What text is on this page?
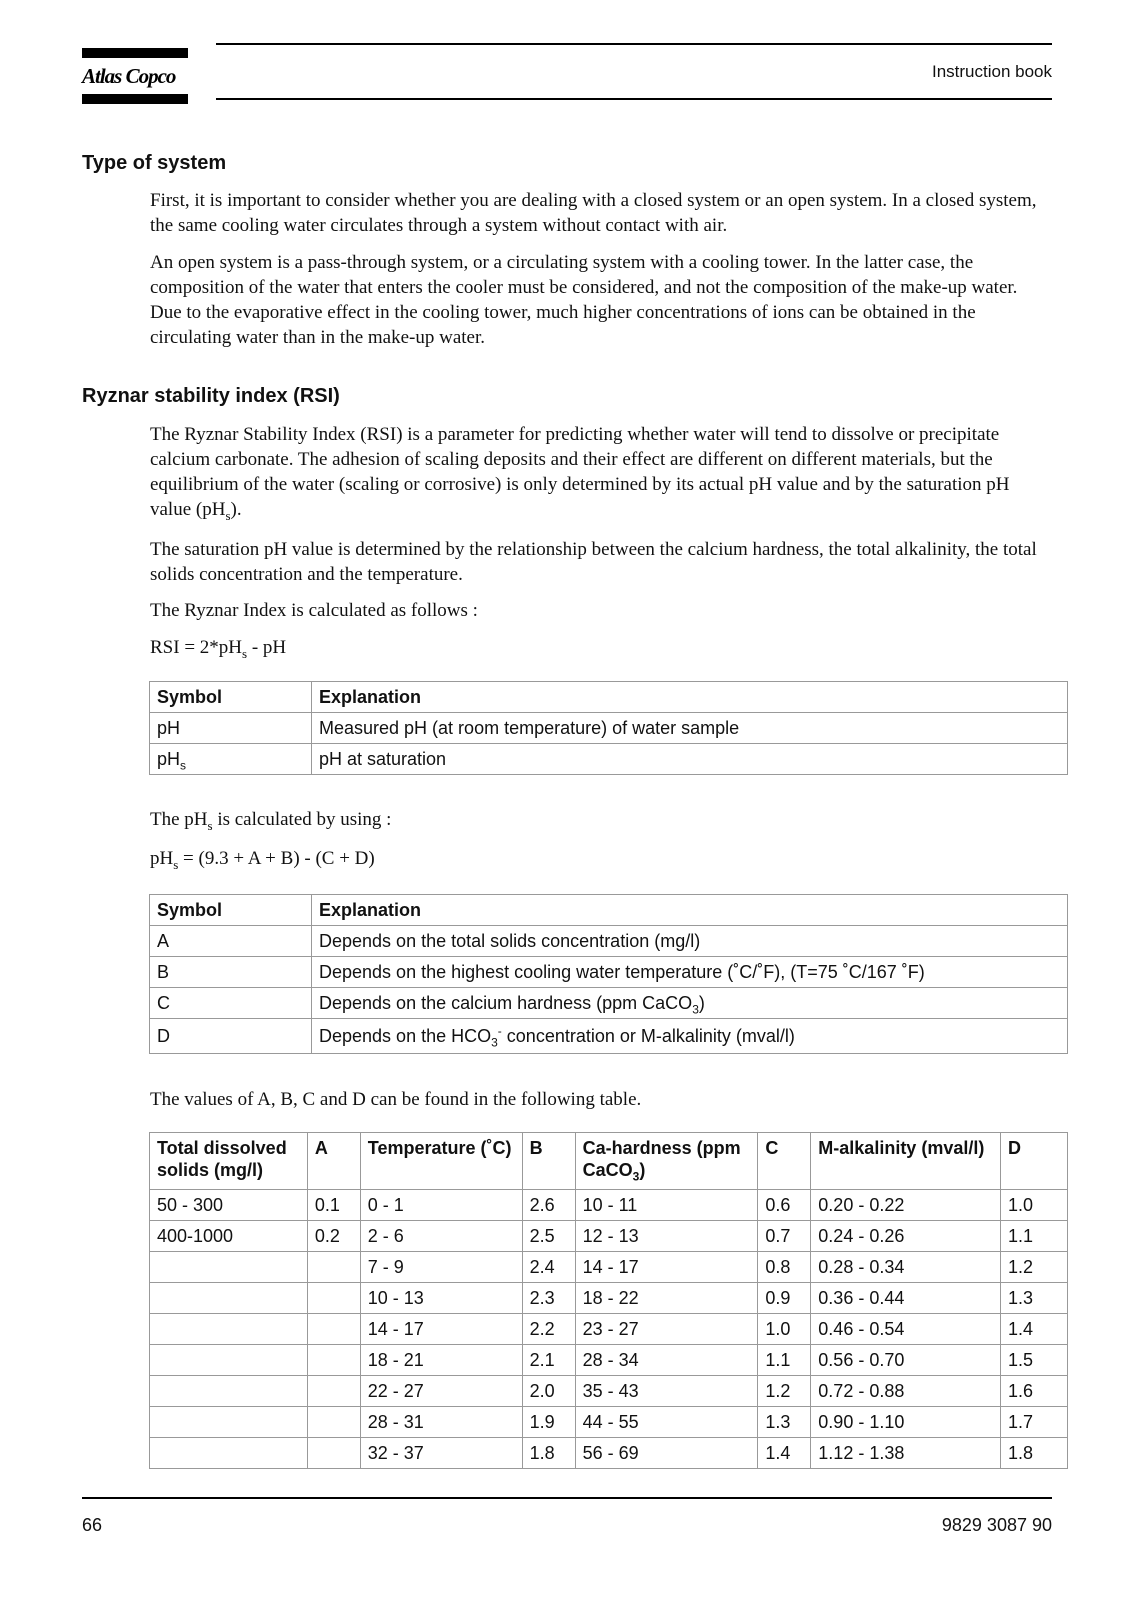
Atlas Copco	Instruction book
Type of system

First, it is important to consider whether you are dealing with a closed system or an open system. In a closed system, the same cooling water circulates through a system without contact with air.

An open system is a pass-through system, or a circulating system with a cooling tower. In the latter case, the composition of the water that enters the cooler must be considered, and not the composition of the make-up water. Due to the evaporative effect in the cooling tower, much higher concentrations of ions can be obtained in the circulating water than in the make-up water.

Ryznar stability index (RSI)

The Ryznar Stability Index (RSI) is a parameter for predicting whether water will tend to dissolve or precipitate calcium carbonate. The adhesion of scaling deposits and their effect are different on different materials, but the equilibrium of the water (scaling or corrosive) is only determined by its actual pH value and by the saturation pH value $(pH_s)$.

The saturation pH value is determined by the relationship between the calcium hardness, the total alkalinity, the total solids concentration and the temperature.

The Ryznar Index is calculated as follows :

RSI = $2*pH_s$ - pH

Symbol	Explanation
pH	Measured pH (at room temperature) of water sample
$pH_s$	pH at saturation

The $pH_s$ is calculated by using :

$pH_s = (9.3 + A + B) - (C + D)$

Symbol	Explanation
A	Depends on the total solids concentration (mg/l)
B	Depends on the highest cooling water temperature (˚C/˚F), (T=75 ˚C/167 ˚F)
C	Depends on the calcium hardness (ppm CaCO$_3$)
D	Depends on the $HCO_3^-$ concentration or M-alkalinity (mval/l)

The values of A, B, C and D can be found in the following table.

Total dissolved solids (mg/l)	A	Temperature (˚C)	B	Ca-hardness (ppm CaCO$_3$)	C	M-alkalinity (mval/l)	D
50 - 300	0.1	0 - 1	2.6	10 - 11	0.6	0.20 - 0.22	1.0
400-1000	0.2	2 - 6	2.5	12 - 13	0.7	0.24 - 0.26	1.1
		7 - 9	2.4	14 - 17	0.8	0.28 - 0.34	1.2
		10 - 13	2.3	18 - 22	0.9	0.36 - 0.44	1.3
		14 - 17	2.2	23 - 27	1.0	0.46 - 0.54	1.4
		18 - 21	2.1	28 - 34	1.1	0.56 - 0.70	1.5
		22 - 27	2.0	35 - 43	1.2	0.72 - 0.88	1.6
		28 - 31	1.9	44 - 55	1.3	0.90 - 1.10	1.7
		32 - 37	1.8	56 - 69	1.4	1.12 - 1.38	1.8
66	9829 3087 90
